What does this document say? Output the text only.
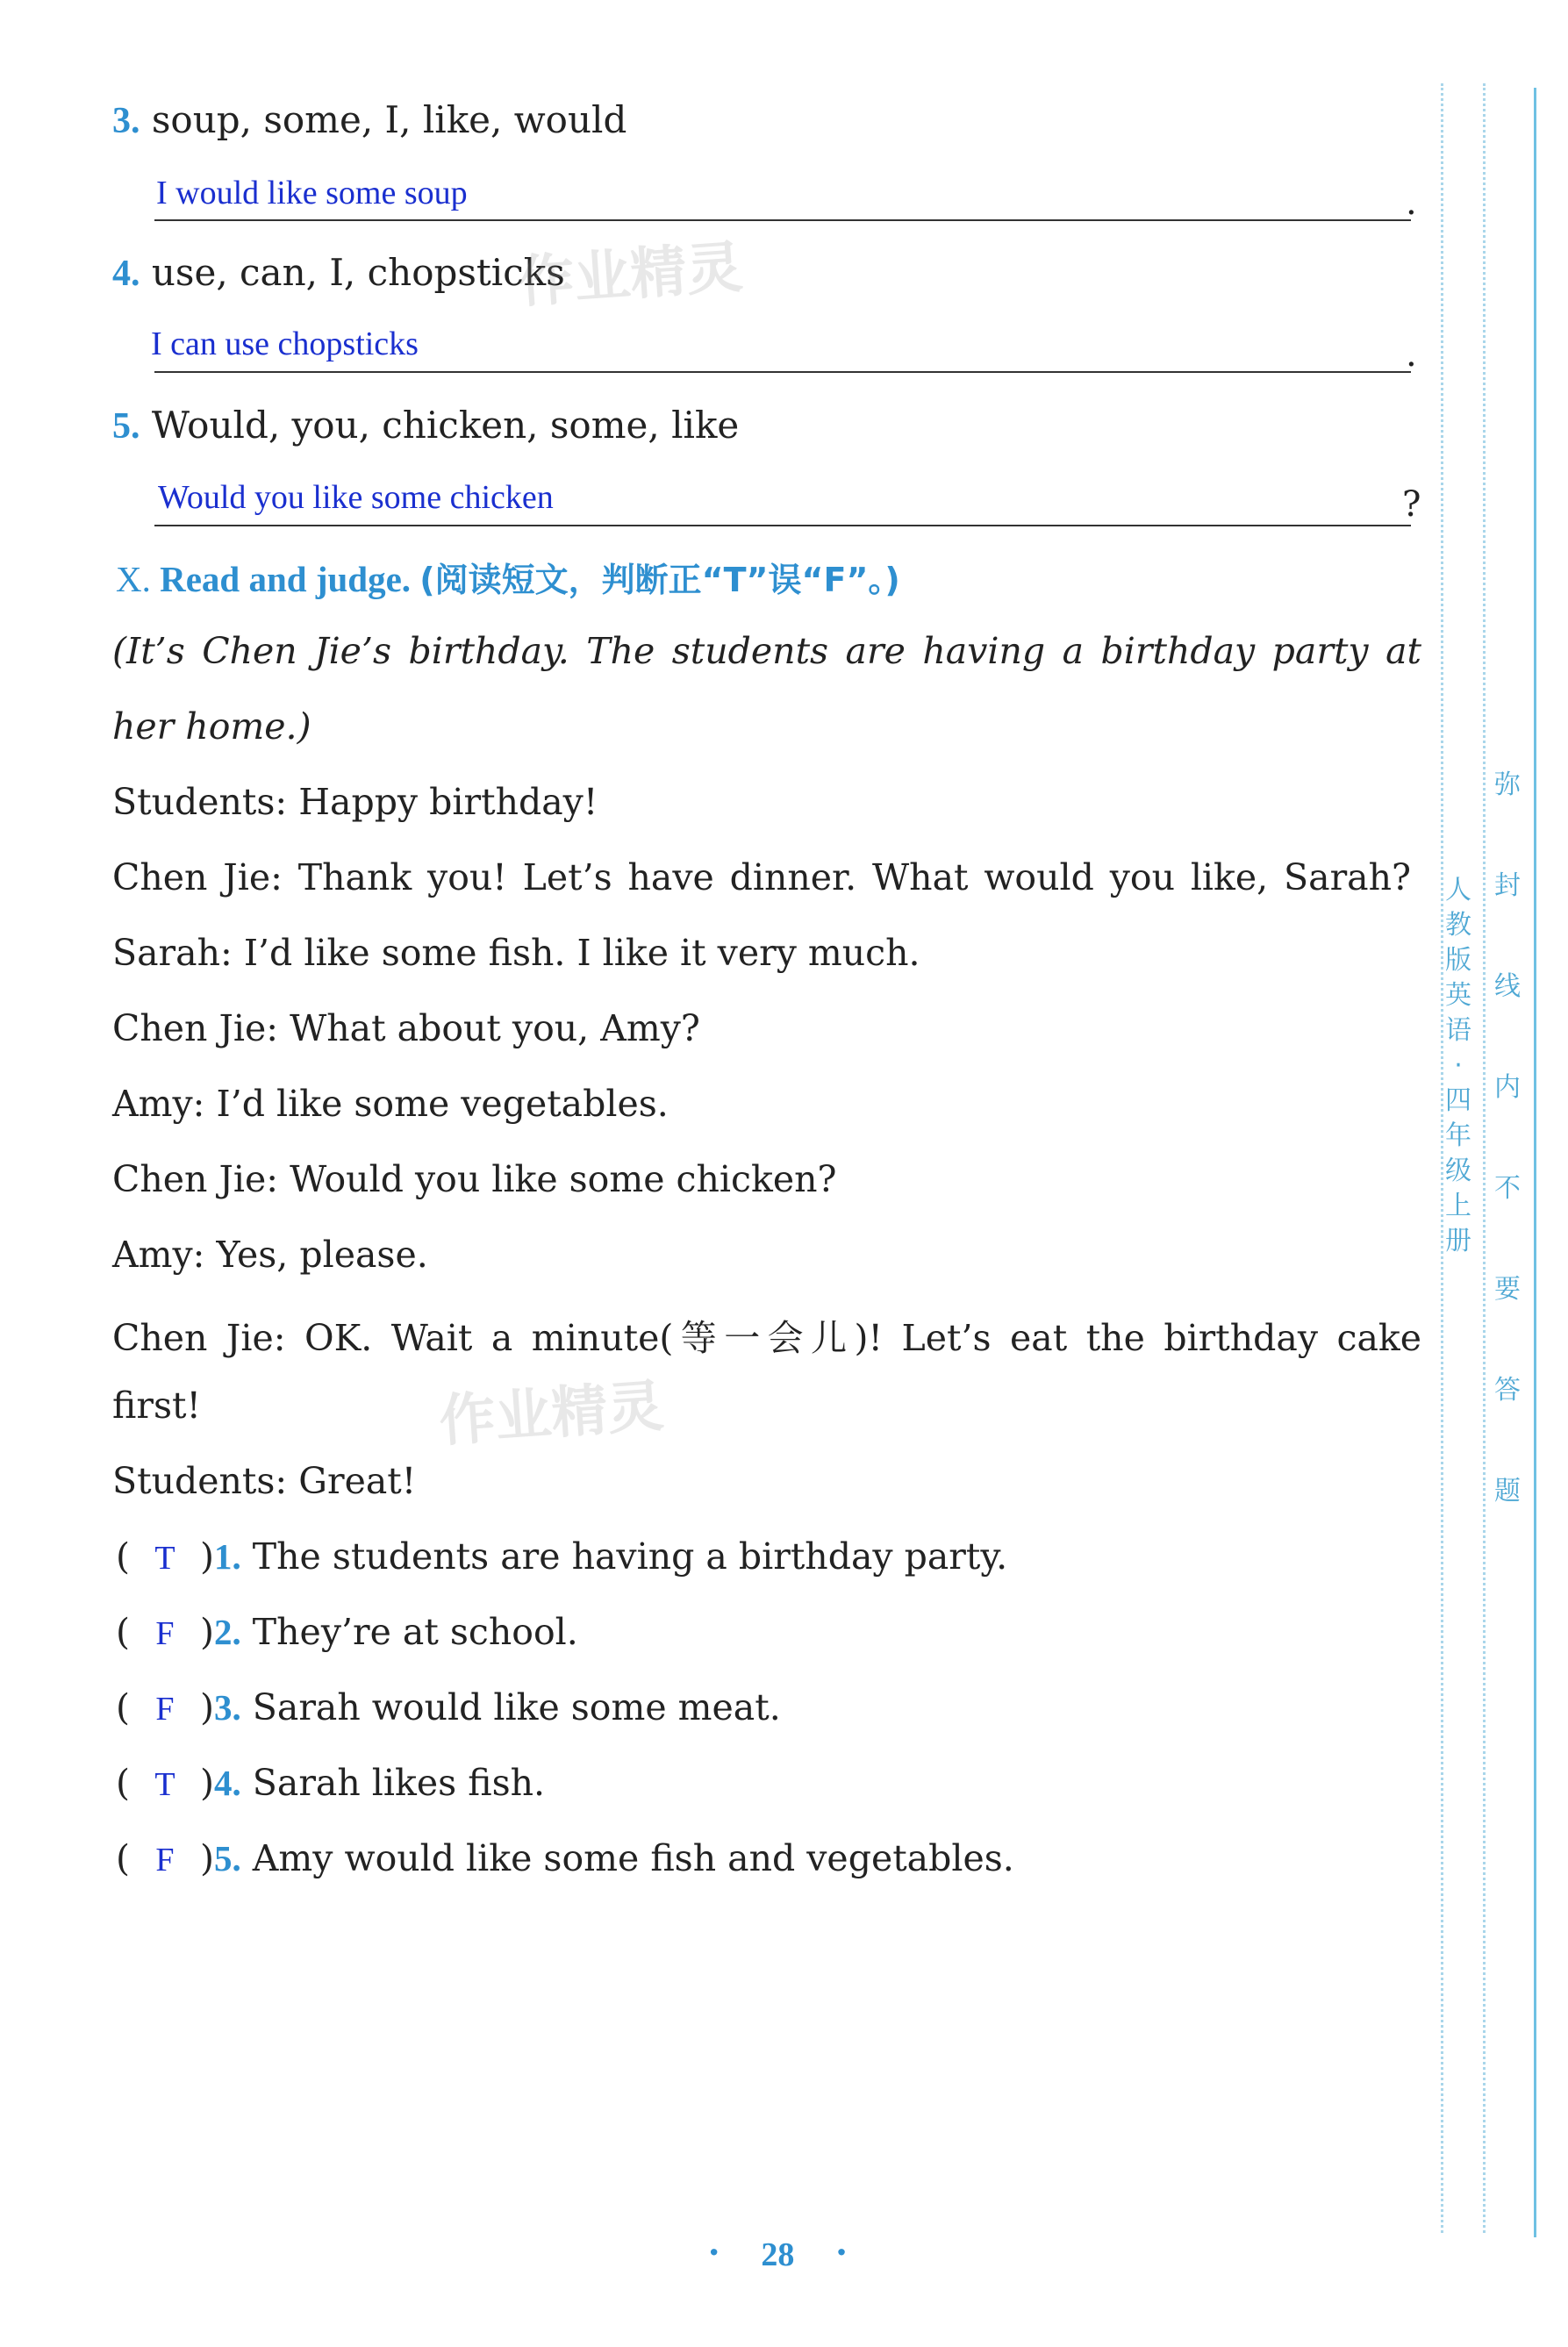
人
教
版
英
语
·
四
年
级
上
册
弥
封
线
内
不
要
答
题
3. soup, some, I, like, would
I would like some soup	.
4. use, can, I, chopsticks
I can use chopsticks	.
5. Would, you, chicken, some, like
Would you like some chicken	?
X. Read and judge. (阅读短文，判断正“T”误“F”。)
(It’s Chen Jie’s birthday. The students are having a birthday party at
her home.)
Students: Happy birthday!
Chen Jie: Thank you! Let’s have dinner. What would you like, Sarah?
Sarah: I’d like some fish. I like it very much.
Chen Jie: What about you, Amy?
Amy: I’d like some vegetables.
Chen Jie: Would you like some chicken?
Amy: Yes, please.
Chen Jie: OK. Wait a minute(等一会儿)! Let’s eat the birthday cake
first!
Students: Great!
( T )1. The students are having a birthday party.
( F )2. They’re at school.
( F )3. Sarah would like some meat.
( T )4. Sarah likes fish.
( F )5. Amy would like some fish and vegetables.
作业精灵
作业精灵
· 28 ·
